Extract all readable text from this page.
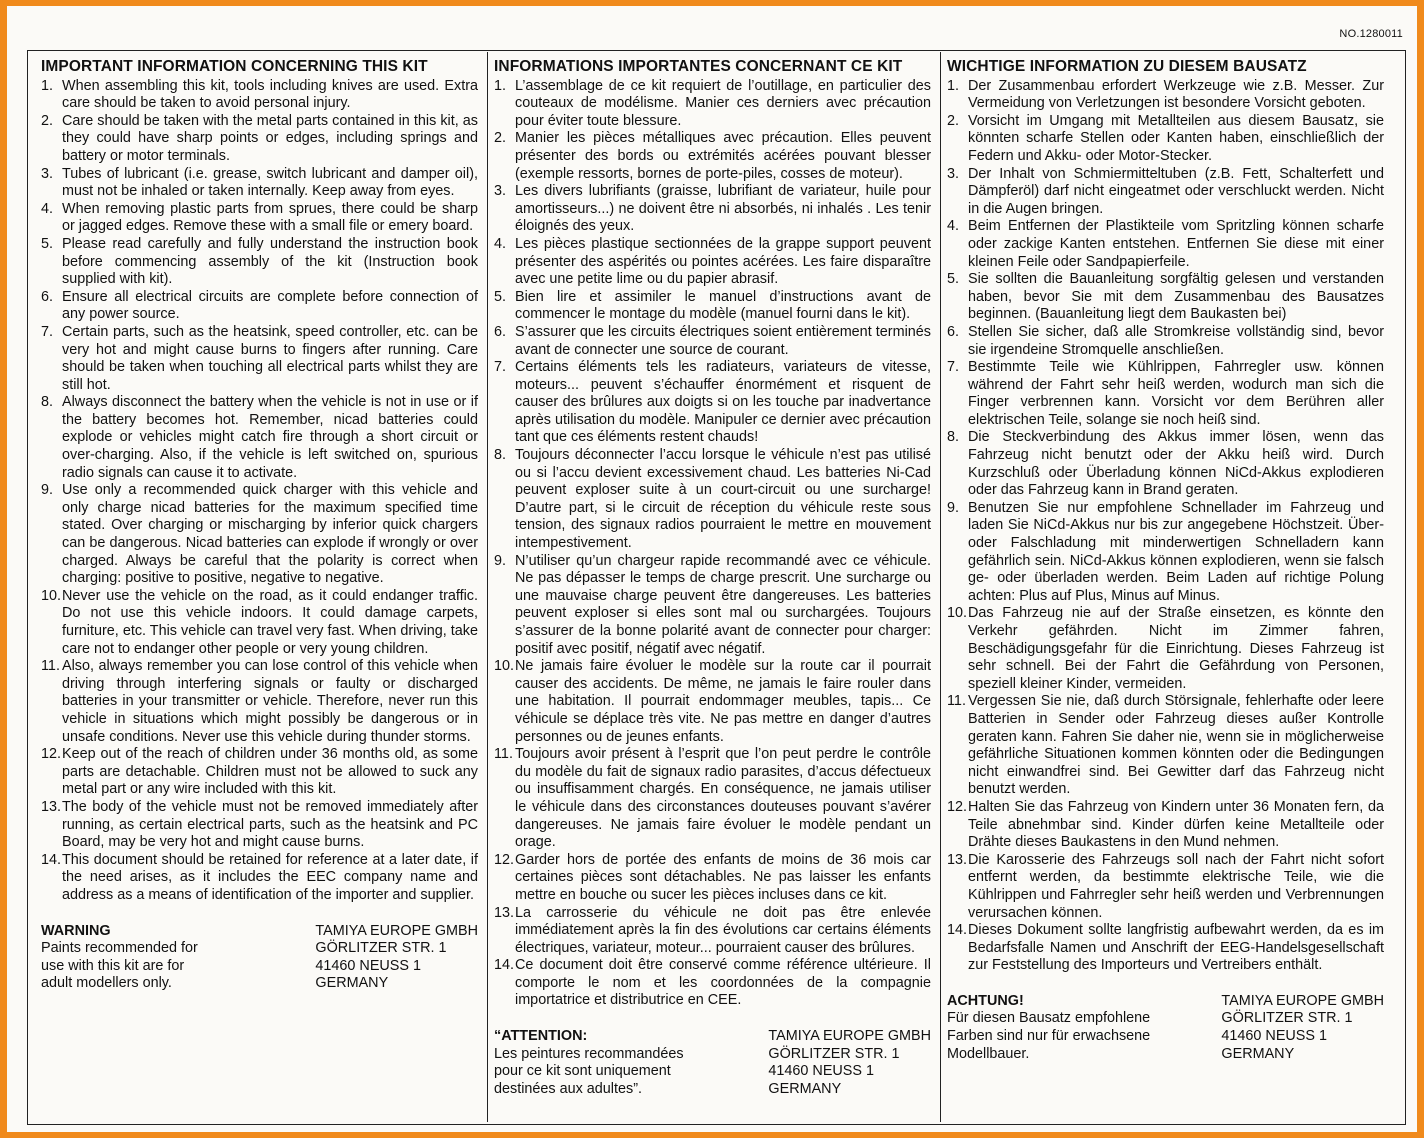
NO.1280011
IMPORTANT INFORMATION CONCERNING THIS KIT
1. When assembling this kit, tools including knives are used. Extra care should be taken to avoid personal injury.
2. Care should be taken with the metal parts contained in this kit, as they could have sharp points or edges, including springs and battery or motor terminals.
3. Tubes of lubricant (i.e. grease, switch lubricant and damper oil), must not be inhaled or taken internally. Keep away from eyes.
4. When removing plastic parts from sprues, there could be sharp or jagged edges. Remove these with a small file or emery board.
5. Please read carefully and fully understand the instruction book before commencing assembly of the kit (Instruction book supplied with kit).
6. Ensure all electrical circuits are complete before connection of any power source.
7. Certain parts, such as the heatsink, speed controller, etc. can be very hot and might cause burns to fingers after running. Care should be taken when touching all electrical parts whilst they are still hot.
8. Always disconnect the battery when the vehicle is not in use or if the battery becomes hot. Remember, nicad batteries could explode or vehicles might catch fire through a short circuit or over-charging. Also, if the vehicle is left switched on, spurious radio signals can cause it to activate.
9. Use only a recommended quick charger with this vehicle and only charge nicad batteries for the maximum specified time stated. Over charging or mischarging by inferior quick chargers can be dangerous. Nicad batteries can explode if wrongly or over charged. Always be careful that the polarity is correct when charging: positive to positive, negative to negative.
10. Never use the vehicle on the road, as it could endanger traffic. Do not use this vehicle indoors. It could damage carpets, furniture, etc. This vehicle can travel very fast. When driving, take care not to endanger other people or very young children.
11. Also, always remember you can lose control of this vehicle when driving through interfering signals or faulty or discharged batteries in your transmitter or vehicle. Therefore, never run this vehicle in situations which might possibly be dangerous or in unsafe conditions. Never use this vehicle during thunder storms.
12. Keep out of the reach of children under 36 months old, as some parts are detachable. Children must not be allowed to suck any metal part or any wire included with this kit.
13. The body of the vehicle must not be removed immediately after running, as certain electrical parts, such as the heatsink and PC Board, may be very hot and might cause burns.
14. This document should be retained for reference at a later date, if the need arises, as it includes the EEC company name and address as a means of identification of the importer and supplier.
WARNING
Paints recommended for
use with this kit are for
adult modellers only.
TAMIYA EUROPE GMBH
GÖRLITZER STR. 1
41460 NEUSS 1
GERMANY
INFORMATIONS IMPORTANTES CONCERNANT CE KIT
1. L’assemblage de ce kit requiert de l’outillage, en particulier des couteaux de modélisme. Manier ces derniers avec précaution pour éviter toute blessure.
2. Manier les pièces métalliques avec précaution. Elles peuvent présenter des bords ou extrémités acérées pouvant blesser (exemple ressorts, bornes de porte-piles, cosses de moteur).
3. Les divers lubrifiants (graisse, lubrifiant de variateur, huile pour amortisseurs...) ne doivent être ni absorbés, ni inhalés . Les tenir éloignés des yeux.
4. Les pièces plastique sectionnées de la grappe support peuvent présenter des aspérités ou pointes acérées. Les faire disparaître avec une petite lime ou du papier abrasif.
5. Bien lire et assimiler le manuel d’instructions avant de commencer le montage du modèle (manuel fourni dans le kit).
6. S’assurer que les circuits électriques soient entièrement terminés avant de connecter une source de courant.
7. Certains éléments tels les radiateurs, variateurs de vitesse, moteurs... peuvent s’échauffer énormément et risquent de causer des brûlures aux doigts si on les touche par inadvertance après utilisation du modèle. Manipuler ce dernier avec précaution tant que ces éléments restent chauds!
8. Toujours déconnecter l’accu lorsque le véhicule n’est pas utilisé ou si l’accu devient excessivement chaud. Les batteries Ni-Cad peuvent exploser suite à un court-circuit ou une surcharge! D’autre part, si le circuit de réception du véhicule reste sous tension, des signaux radios pourraient le mettre en mouvement intempestivement.
9. N’utiliser qu’un chargeur rapide recommandé avec ce véhicule. Ne pas dépasser le temps de charge prescrit. Une surcharge ou une mauvaise charge peuvent être dangereuses. Les batteries peuvent exploser si elles sont mal ou surchargées. Toujours s’assurer de la bonne polarité avant de connecter pour charger: positif avec positif, négatif avec négatif.
10. Ne jamais faire évoluer le modèle sur la route car il pourrait causer des accidents. De même, ne jamais le faire rouler dans une habitation. Il pourrait endommager meubles, tapis... Ce véhicule se déplace très vite. Ne pas mettre en danger d’autres personnes ou de jeunes enfants.
11. Toujours avoir présent à l’esprit que l’on peut perdre le contrôle du modèle du fait de signaux radio parasites, d’accus défectueux ou insuffisamment chargés. En conséquence, ne jamais utiliser le véhicule dans des circonstances douteuses pouvant s’avérer dangereuses. Ne jamais faire évoluer le modèle pendant un orage.
12. Garder hors de portée des enfants de moins de 36 mois car certaines pièces sont détachables. Ne pas laisser les enfants mettre en bouche ou sucer les pièces incluses dans ce kit.
13. La carrosserie du véhicule ne doit pas être enlevée immédiatement après la fin des évolutions car certains éléments électriques, variateur, moteur... pourraient causer des brûlures.
14. Ce document doit être conservé comme référence ultérieure. Il comporte le nom et les coordonnées de la compagnie importatrice et distributrice en CEE.
“ATTENTION:
Les peintures recommandées
pour ce kit sont uniquement
destinées aux adultes”.
TAMIYA EUROPE GMBH
GÖRLITZER STR. 1
41460 NEUSS 1
GERMANY
WICHTIGE INFORMATION ZU DIESEM BAUSATZ
1. Der Zusammenbau erfordert Werkzeuge wie z.B. Messer. Zur Vermeidung von Verletzungen ist besondere Vorsicht geboten.
2. Vorsicht im Umgang mit Metallteilen aus diesem Bausatz, sie könnten scharfe Stellen oder Kanten haben, einschließlich der Federn und Akku- oder Motor-Stecker.
3. Der Inhalt von Schmiermitteltuben (z.B. Fett, Schalterfett und Dämpferöl) darf nicht eingeatmet oder verschluckt werden. Nicht in die Augen bringen.
4. Beim Entfernen der Plastikteile vom Spritzling können scharfe oder zackige Kanten entstehen. Entfernen Sie diese mit einer kleinen Feile oder Sandpapierfeile.
5. Sie sollten die Bauanleitung sorgfältig gelesen und verstanden haben, bevor Sie mit dem Zusammenbau des Bausatzes beginnen. (Bauanleitung liegt dem Baukasten bei)
6. Stellen Sie sicher, daß alle Stromkreise vollständig sind, bevor sie irgendeine Stromquelle anschließen.
7. Bestimmte Teile wie Kühlrippen, Fahrregler usw. können während der Fahrt sehr heiß werden, wodurch man sich die Finger verbrennen kann. Vorsicht vor dem Berühren aller elektrischen Teile, solange sie noch heiß sind.
8. Die Steckverbindung des Akkus immer lösen, wenn das Fahrzeug nicht benutzt oder der Akku heiß wird. Durch Kurzschluß oder Überladung können NiCd-Akkus explodieren oder das Fahrzeug kann in Brand geraten.
9. Benutzen Sie nur empfohlene Schnellader im Fahrzeug und laden Sie NiCd-Akkus nur bis zur angegebene Höchstzeit. Über- oder Falschladung mit minderwertigen Schnelladern kann gefährlich sein. NiCd-Akkus können explodieren, wenn sie falsch ge- oder überladen werden. Beim Laden auf richtige Polung achten: Plus auf Plus, Minus auf Minus.
10. Das Fahrzeug nie auf der Straße einsetzen, es könnte den Verkehr gefährden. Nicht im Zimmer fahren, Beschädigungsgefahr für die Einrichtung. Dieses Fahrzeug ist sehr schnell. Bei der Fahrt die Gefährdung von Personen, speziell kleiner Kinder, vermeiden.
11. Vergessen Sie nie, daß durch Störsignale, fehlerhafte oder leere Batterien in Sender oder Fahrzeug dieses außer Kontrolle geraten kann. Fahren Sie daher nie, wenn sie in möglicherweise gefährliche Situationen kommen könnten oder die Bedingungen nicht einwandfrei sind. Bei Gewitter darf das Fahrzeug nicht benutzt werden.
12. Halten Sie das Fahrzeug von Kindern unter 36 Monaten fern, da Teile abnehmbar sind. Kinder dürfen keine Metallteile oder Drähte dieses Baukastens in den Mund nehmen.
13. Die Karosserie des Fahrzeugs soll nach der Fahrt nicht sofort entfernt werden, da bestimmte elektrische Teile, wie die Kühlrippen und Fahrregler sehr heiß werden und Verbrennungen verursachen können.
14. Dieses Dokument sollte langfristig aufbewahrt werden, da es im Bedarfsfalle Namen und Anschrift der EEG-Handelsgesellschaft zur Feststellung des Importeurs und Vertreibers enthält.
ACHTUNG!
Für diesen Bausatz empfohlene
Farben sind nur für erwachsene
Modellbauer.
TAMIYA EUROPE GMBH
GÖRLITZER STR. 1
41460 NEUSS 1
GERMANY
